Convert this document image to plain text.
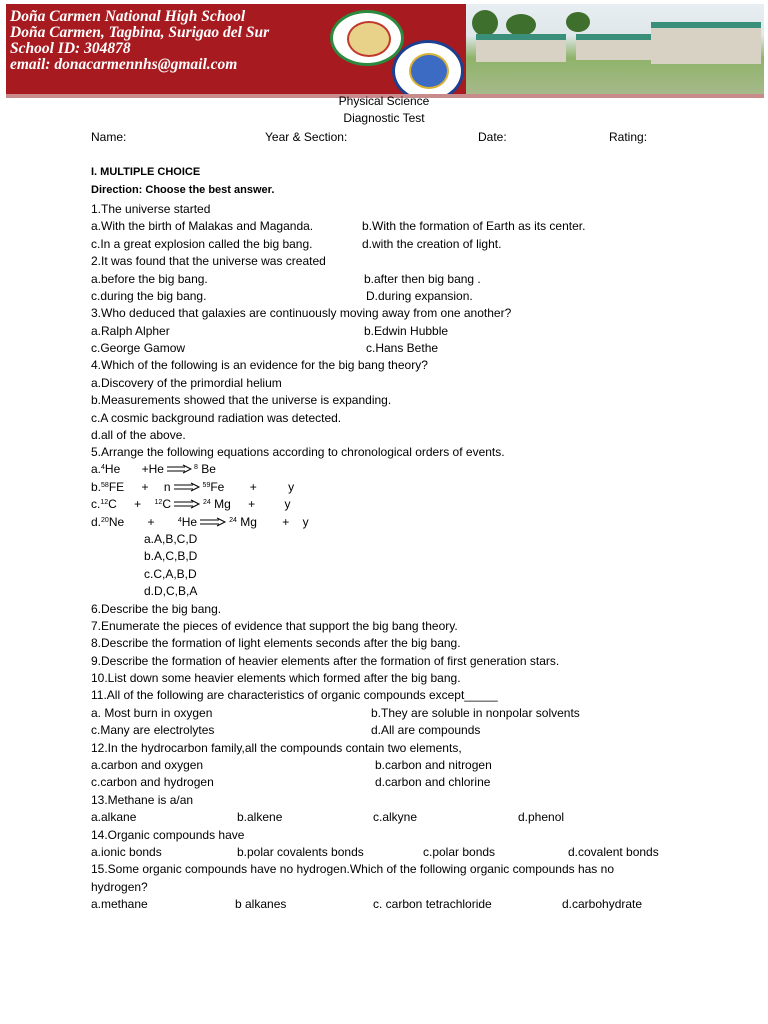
Doña Carmen National High School
Doña Carmen, Tagbina, Surigao del Sur
School ID: 304878
email: donacarmennhs@gmail.com
Physical Science
Diagnostic Test
Name:	Year & Section:	Date:	Rating:
I. MULTIPLE CHOICE
Direction: Choose the best answer.
1.The universe started
a.With the birth of Malakas and Maganda.	b.With the formation of Earth as its center.
c.In a great explosion called the big bang.	d.with the creation of light.
2.It was found that the universe was created
a.before the big bang.	b.after then big bang .
c.during the big bang.	D.during expansion.
3.Who deduced that galaxies are continuously moving away from one another?
a.Ralph Alpher	b.Edwin Hubble
c.George Gamow	c.Hans Bethe
4.Which of the following is an evidence for the big bang theory?
a.Discovery of the primordial helium
b.Measurements showed that the universe is expanding.
c.A cosmic background radiation was detected.
d.all of the above.
5.Arrange the following equations according to chronological orders of events.
a.$^4$He +He	$^8$ Be
b.$^{58}$FE + n	$^{59}$Fe +	y
c.$^{12}$C + $^{12}$C	$^{24}$ Mg + y
d.$^{20}$Ne +	$^4$He	$^{24}$ Mg + y
a.A,B,C,D
b.A,C,B,D
c.C,A,B,D
d.D,C,B,A
6.Describe the big bang.
7.Enumerate the pieces of evidence that support the big bang theory.
8.Describe the formation of light elements seconds after the big bang.
9.Describe the formation of heavier elements after the formation of first generation stars.
10.List down some heavier elements which formed after the big bang.
11.All of the following are characteristics of organic compounds except_____
a. Most burn in oxygen	b.They are soluble in nonpolar solvents
c.Many are electrolytes	d.All are compounds
12.In the hydrocarbon family,all the compounds contain two elements,
a.carbon and oxygen	b.carbon and nitrogen
c.carbon and hydrogen	d.carbon and chlorine
13.Methane is a/an
a.alkane	b.alkene	c.alkyne	d.phenol
14.Organic compounds have
a.ionic bonds	b.polar covalents bonds	c.polar bonds	d.covalent bonds
15.Some organic compounds have no hydrogen.Which of the following organic compounds has no
hydrogen?
a.methane	b alkanes	c. carbon tetrachloride	d.carbohydrate
